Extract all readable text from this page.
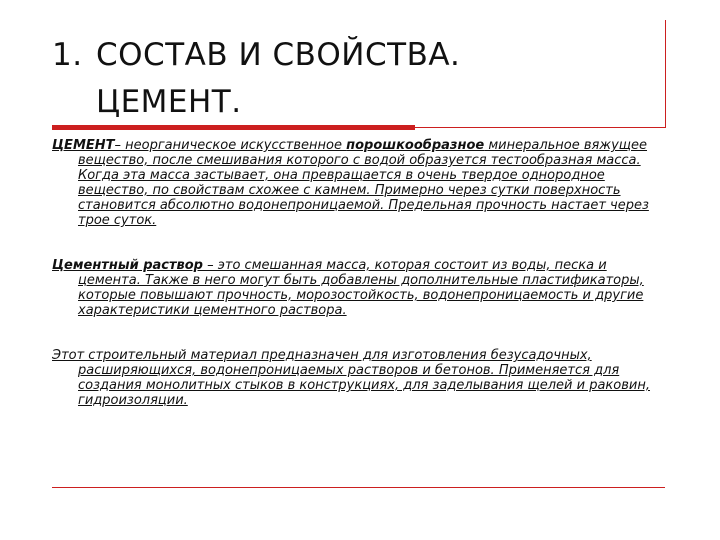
1. СОСТАВ И СВОЙСТВА.
ЦЕМЕНТ.

ЦЕМЕНТ– неорганическое искусственное порошкообразное минеральное вяжущее вещество, после смешивания которого с водой образуется тестообразная масса. Когда эта масса застывает, она превращается в очень твердое однородное вещество, по свойствам схожее с камнем. Примерно через сутки поверхность становится абсолютно водонепроницаемой. Предельная прочность настает через трое суток.

Цементный раствор – это смешанная масса, которая состоит из воды, песка и цемента. Также в него могут быть добавлены дополнительные пластификаторы, которые повышают прочность, морозостойкость, водонепроницаемость и другие характеристики цементного раствора.

Этот строительный материал предназначен для изготовления безусадочных, расширяющихся, водонепроницаемых растворов и бетонов. Применяется для создания монолитных стыков в конструкциях, для заделывания щелей и раковин, гидроизоляции.
